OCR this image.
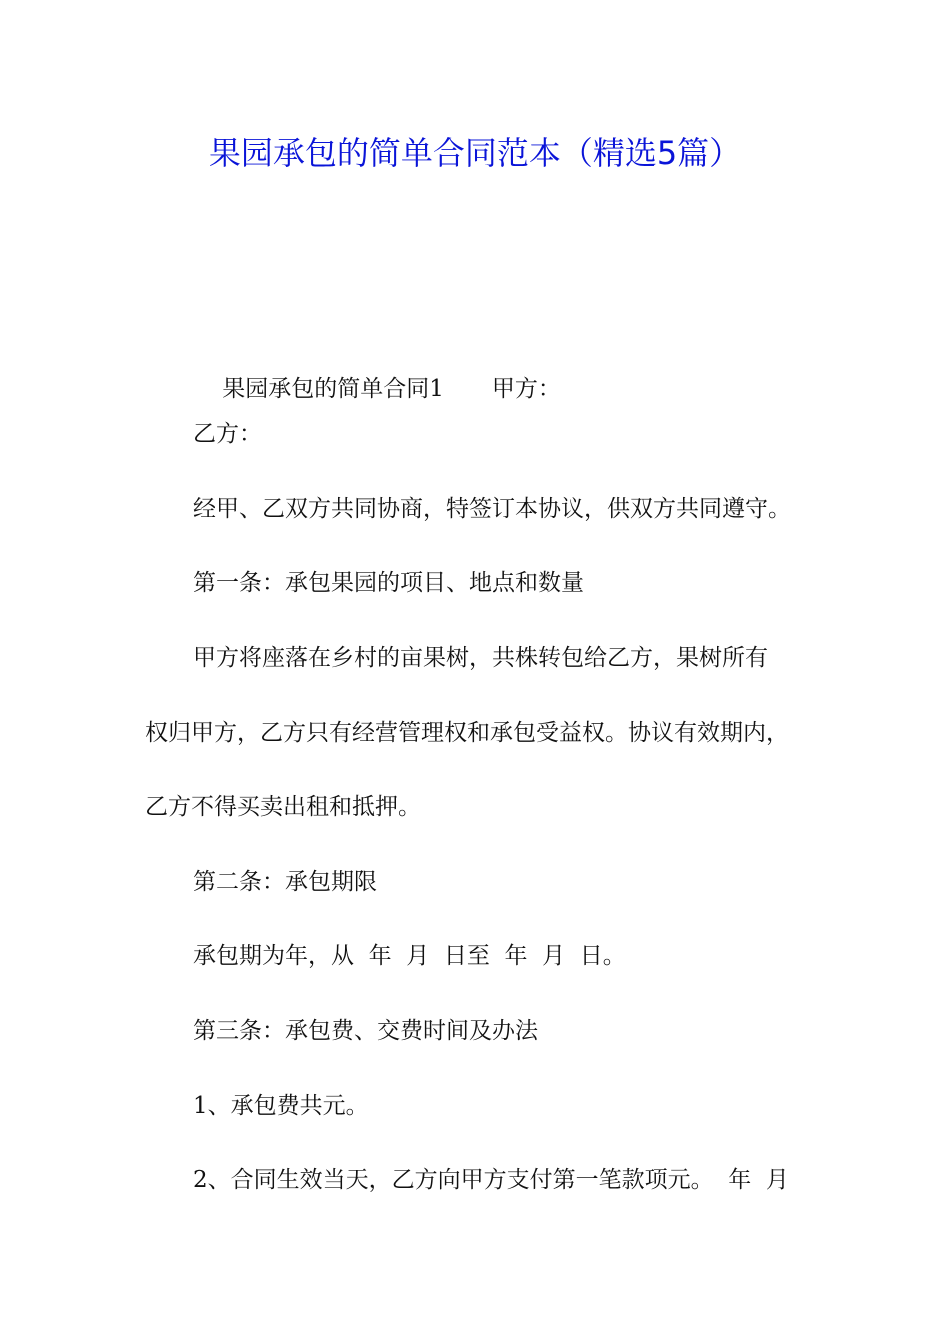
果园承包的简单合同范本（精选5篇）

果园承包的简单合同1 甲方：

乙方：
经甲、乙双方共同协商，特签订本协议，供双方共同遵守。
第一条：承包果园的项目、地点和数量
甲方将座落在乡村的亩果树，共株转包给乙方，果树所有
权归甲方，乙方只有经营管理权和承包受益权。协议有效期内，
乙方不得买卖出租和抵押。
第二条：承包期限
承包期为年，从  年  月  日至  年  月  日。
第三条：承包费、交费时间及办法
1、承包费共元。
2、合同生效当天，乙方向甲方支付第一笔款项元。  年  月
